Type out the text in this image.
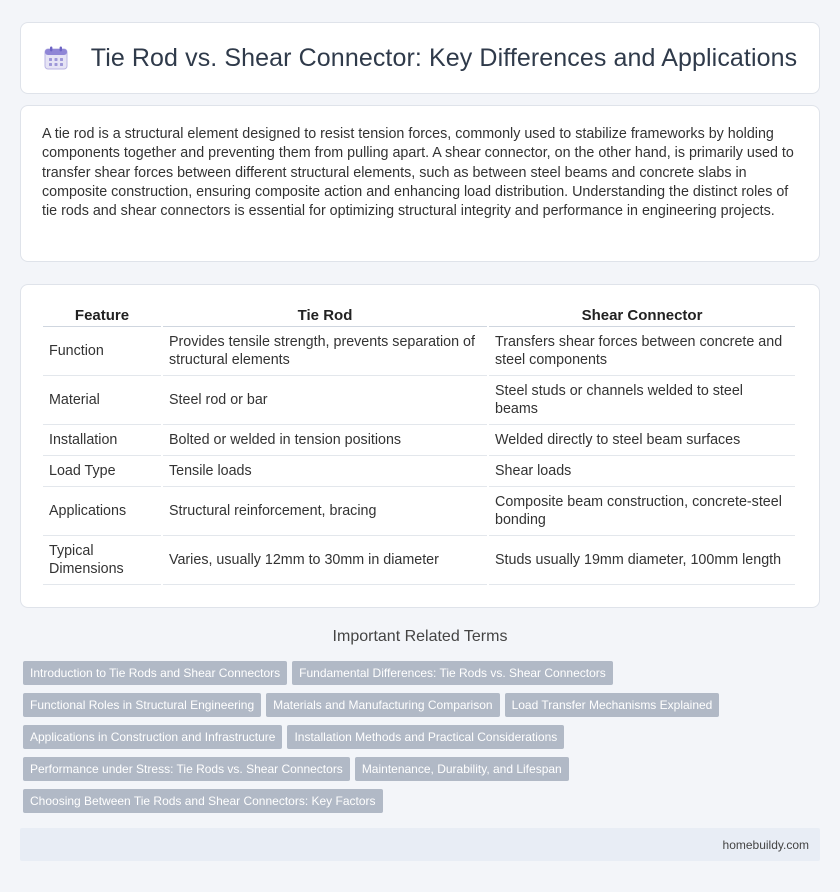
Tie Rod vs. Shear Connector: Key Differences and Applications

A tie rod is a structural element designed to resist tension forces, commonly used to stabilize frameworks by holding components together and preventing them from pulling apart. A shear connector, on the other hand, is primarily used to transfer shear forces between different structural elements, such as between steel beams and concrete slabs in composite construction, ensuring composite action and enhancing load distribution. Understanding the distinct roles of tie rods and shear connectors is essential for optimizing structural integrity and performance in engineering projects.

Feature	Tie Rod	Shear Connector
Function	Provides tensile strength, prevents separation of structural elements	Transfers shear forces between concrete and steel components
Material	Steel rod or bar	Steel studs or channels welded to steel beams
Installation	Bolted or welded in tension positions	Welded directly to steel beam surfaces
Load Type	Tensile loads	Shear loads
Applications	Structural reinforcement, bracing	Composite beam construction, concrete-steel bonding
Typical Dimensions	Varies, usually 12mm to 30mm in diameter	Studs usually 19mm diameter, 100mm length
Important Related Terms
Introduction to Tie Rods and Shear Connectors Fundamental Differences: Tie Rods vs. Shear Connectors
Functional Roles in Structural Engineering Materials and Manufacturing Comparison Load Transfer Mechanisms Explained
Applications in Construction and Infrastructure Installation Methods and Practical Considerations
Performance under Stress: Tie Rods vs. Shear Connectors Maintenance, Durability, and Lifespan
Choosing Between Tie Rods and Shear Connectors: Key Factors
homebuildy.com
